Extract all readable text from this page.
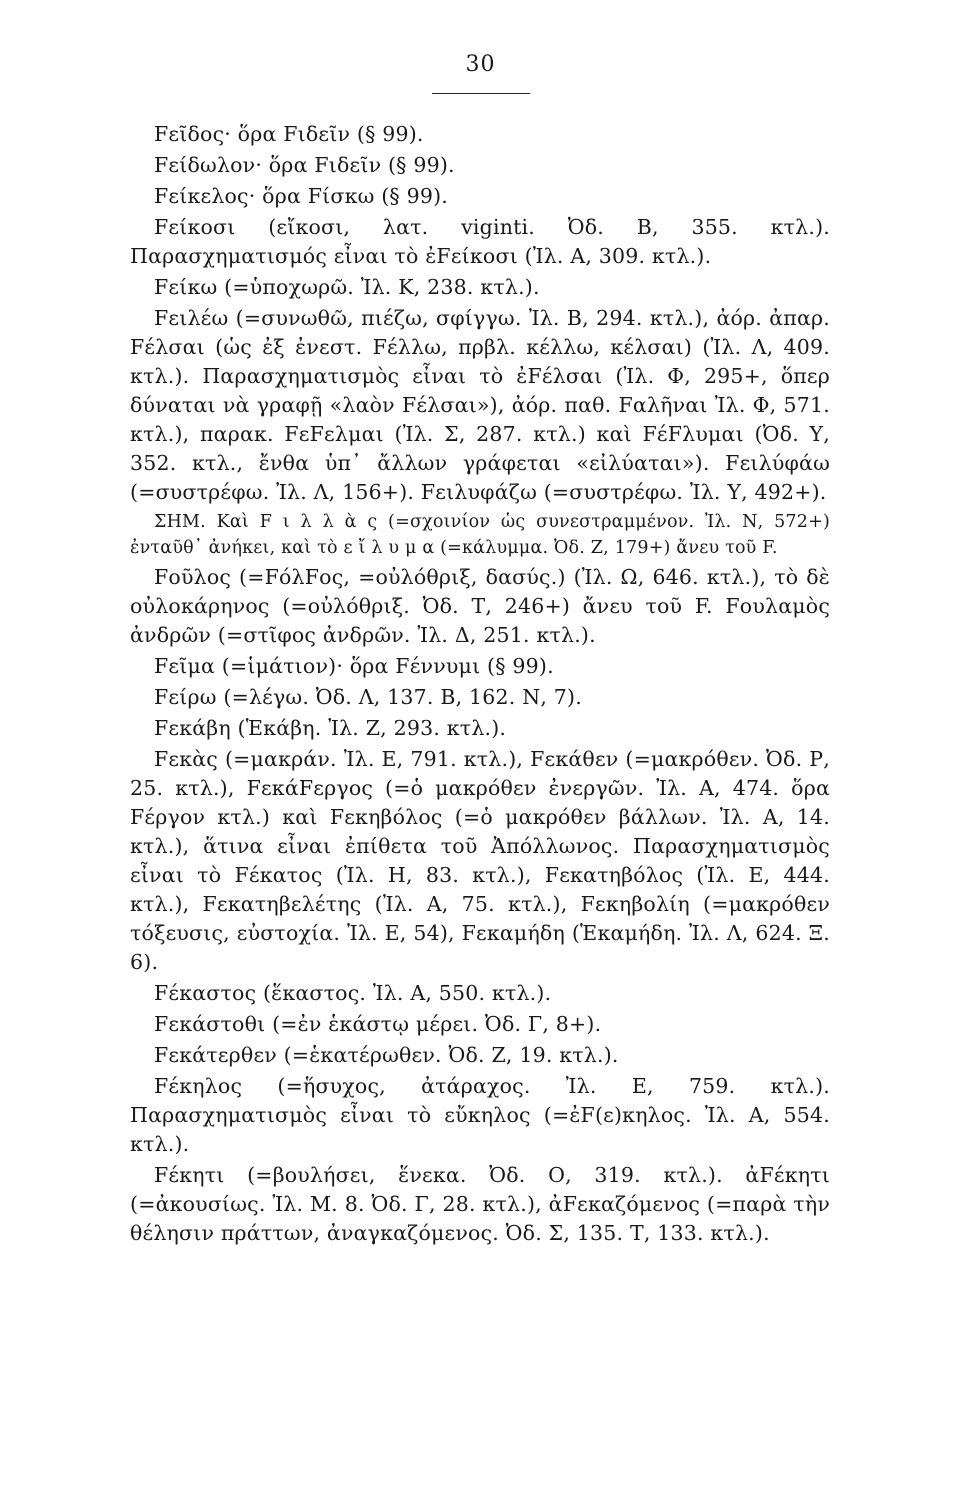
30

Fεῖδος· ὅρα Fιδεῖν (§ 99).

Fείδωλον· ὅρα Fιδεῖν (§ 99).

Fείκελος· ὅρα Fίσκω (§ 99).

Fείκοσι (εἴκοσι, λατ. viginti. Ὀδ. Β, 355. κτλ.). Παρασχηματισμός εἶναι τὸ ἐFείκοσι (Ἰλ. Α, 309. κτλ.).

Fείκω (=ὑποχωρῶ. Ἰλ. Κ, 238. κτλ.).

Fειλέω (=συνωθῶ, πιέζω, σφίγγω. Ἰλ. Β, 294. κτλ.), ἀόρ. ἀπαρ. Fέλσαι (ὡς ἐξ ἐνεστ. Fέλλω, πρβλ. κέλλω, κέλσαι) (Ἰλ. Λ, 409. κτλ.). Παρασχηματισμὸς εἶναι τὸ ἐFέλσαι (Ἰλ. Φ, 295+, ὅπερ δύναται νὰ γραφῇ «λαὸν Fέλσαι»), ἀόρ. παθ. Fαλῆναι Ἰλ. Φ, 571. κτλ.), παρακ. FεFελμαι (Ἰλ. Σ, 287. κτλ.) καὶ FέFλυμαι (Ὀδ. Υ, 352. κτλ., ἔνθα ὑπ᾽ ἄλλων γράφεται «εἰλύαται»). Fειλύφάω (=συστρέφω. Ἰλ. Λ, 156+). Fειλυφάζω (=συστρέφω. Ἰλ. Υ, 492+).

ΣΗΜ. Καὶ F ι λ λ ὰ ς (=σχοινίον ὡς συνεστραμμένον. Ἰλ. Ν, 572+) ἐνταῦθ᾽ ἀνήκει, καὶ τὸ ε ἴ λ υ μ α (=κάλυμμα. Ὀδ. Ζ, 179+) ἄνευ τοῦ F.

Fοῦλος (=FόλFος, =οὐλόθριξ, δασύς.) (Ἰλ. Ω, 646. κτλ.), τὸ δὲ οὐλοκάρηνος (=οὐλόθριξ. Ὀδ. Τ, 246+) ἄνευ τοῦ F. Fουλαμὸς ἀνδρῶν (=στῖφος ἀνδρῶν. Ἰλ. Δ, 251. κτλ.).

Fεῖμα (=ἱμάτιον)· ὅρα Fέννυμι (§ 99).

Fείρω (=λέγω. Ὀδ. Λ, 137. Β, 162. Ν, 7).

Fεκάβη (Ἑκάβη. Ἰλ. Ζ, 293. κτλ.).

Fεκὰς (=μακράν. Ἰλ. Ε, 791. κτλ.), Fεκάθεν (=μακρόθεν. Ὀδ. Ρ, 25. κτλ.), FεκάFεργος (=ὁ μακρόθεν ἐνεργῶν. Ἰλ. Α, 474. ὅρα Fέργον κτλ.) καὶ Fεκηβόλος (=ὁ μακρόθεν βάλλων. Ἰλ. Α, 14. κτλ.), ἅτινα εἶναι ἐπίθετα τοῦ Ἀπόλλωνος. Παρασχηματισμὸς εἶναι τὸ Fέκατος (Ἰλ. Η, 83. κτλ.), Fεκατηβόλος (Ἰλ. Ε, 444. κτλ.), Fεκατηβελέτης (Ἰλ. Α, 75. κτλ.), Fεκηβολίη (=μακρόθεν τόξευσις, εὐστοχία. Ἰλ. Ε, 54), Fεκαμήδη (Ἑκαμήδη. Ἰλ. Λ, 624. Ξ. 6).

Fέκαστος (ἕκαστος. Ἰλ. Α, 550. κτλ.).

Fεκάστοθι (=ἐν ἑκάστῳ μέρει. Ὀδ. Γ, 8+).

Fεκάτερθεν (=ἑκατέρωθεν. Ὀδ. Ζ, 19. κτλ.).

Fέκηλος (=ἥσυχος, ἀτάραχος. Ἰλ. Ε, 759. κτλ.). Παρασχηματισμὸς εἶναι τὸ εὔκηλος (=ἐF(ε)κηλος. Ἰλ. Α, 554. κτλ.).

Fέκητι (=βουλήσει, ἕνεκα. Ὀδ. Ο, 319. κτλ.). ἀFέκητι (=ἀκουσίως. Ἰλ. Μ. 8. Ὀδ. Γ, 28. κτλ.), ἀFεκαζόμενος (=παρὰ τὴν θέλησιν πράττων, ἀναγκαζόμενος. Ὀδ. Σ, 135. Τ, 133. κτλ.).
